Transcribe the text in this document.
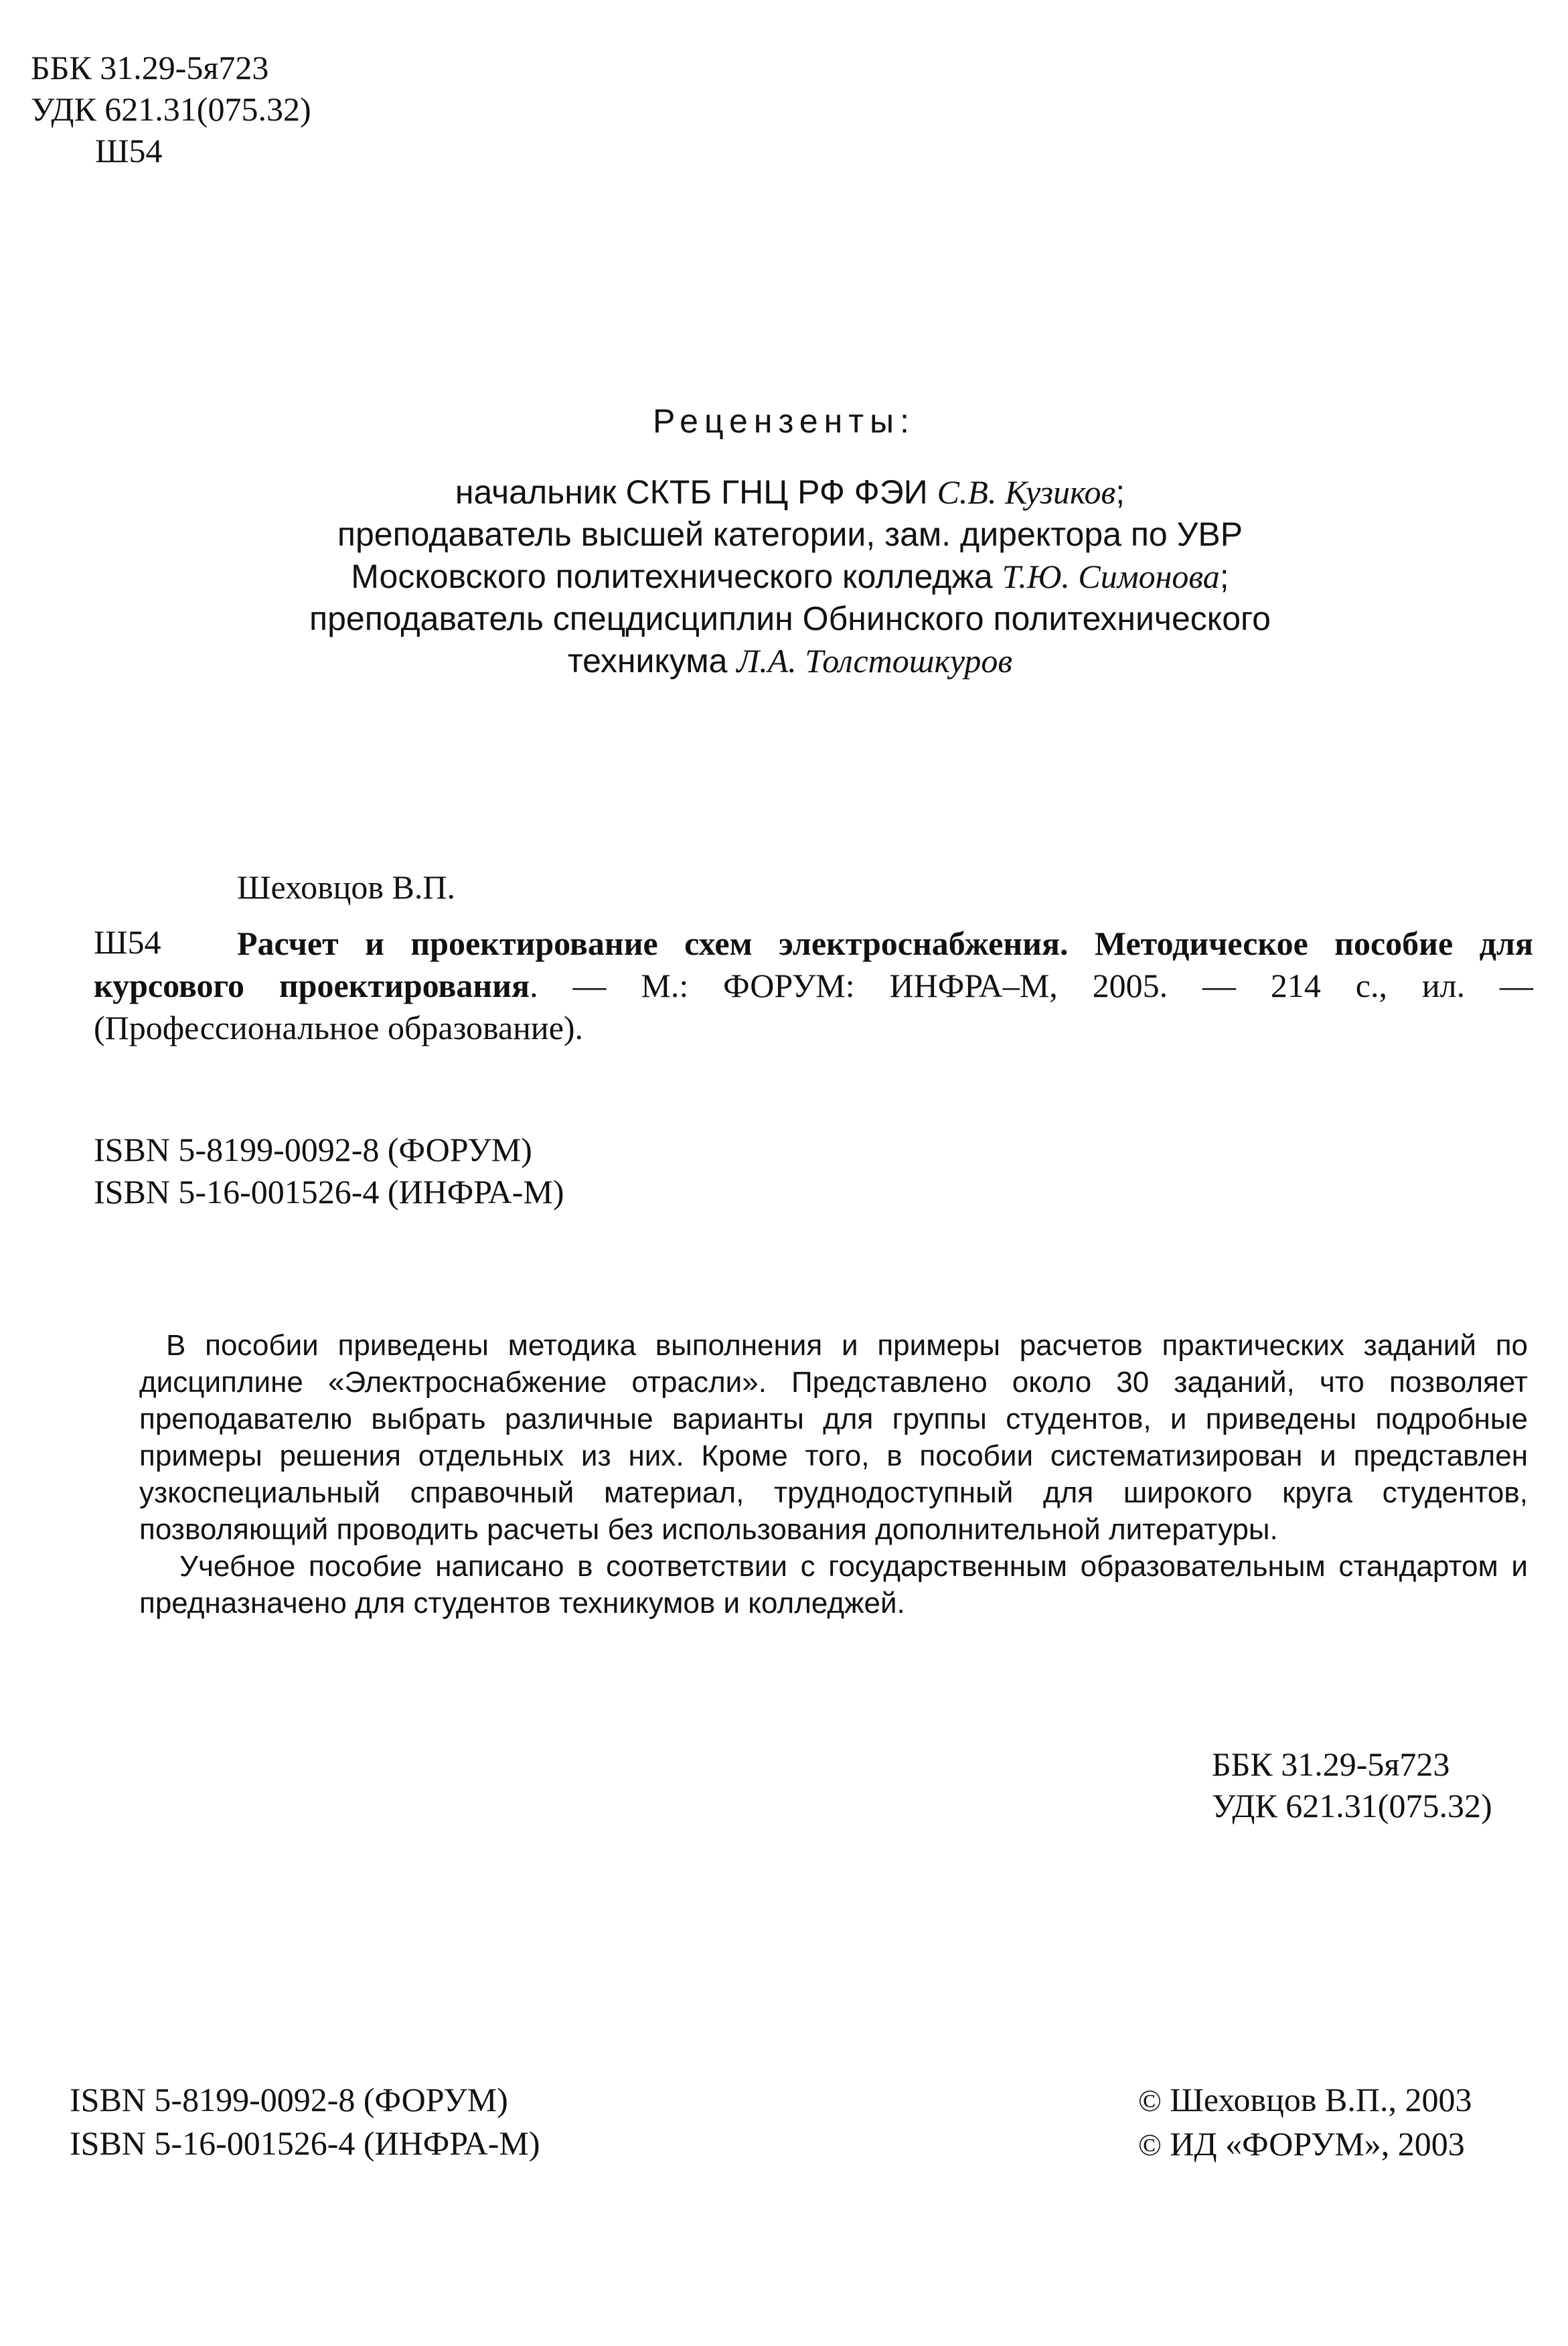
ББК 31.29-5я723
УДК 621.31(075.32)
Ш54
Рецензенты:
начальник СКТБ ГНЦ РФ ФЭИ С.В. Кузиков;
преподаватель высшей категории, зам. директора по УВР
Московского политехнического колледжа Т.Ю. Симонова;
преподаватель спецдисциплин Обнинского политехнического
техникума Л.А. Толстошкуров
Шеховцов В.П.
Ш54	Расчет и проектирование схем электроснабжения. Методическое пособие для курсового проектирования. — М.: ФОРУМ: ИНФРА–М, 2005. — 214 с., ил. — (Профессиональное образование).
ISBN 5-8199-0092-8 (ФОРУМ)
ISBN 5-16-001526-4 (ИНФРА-М)

В пособии приведены методика выполнения и примеры расчетов практических заданий по дисциплине «Электроснабжение отрасли». Представлено около 30 заданий, что позволяет преподавателю выбрать различные варианты для группы студентов, и приведены подробные примеры решения отдельных из них. Кроме того, в пособии систематизирован и представлен узкоспециальный справочный материал, труднодоступный для широкого круга студентов, позволяющий проводить расчеты без использования дополнительной литературы.

Учебное пособие написано в соответствии с государственным образовательным стандартом и предназначено для студентов техникумов и колледжей.

ББК 31.29-5я723
УДК 621.31(075.32)
ISBN 5-8199-0092-8 (ФОРУМ)
ISBN 5-16-001526-4 (ИНФРА-М)
© Шеховцов В.П., 2003
© ИД «ФОРУМ», 2003
